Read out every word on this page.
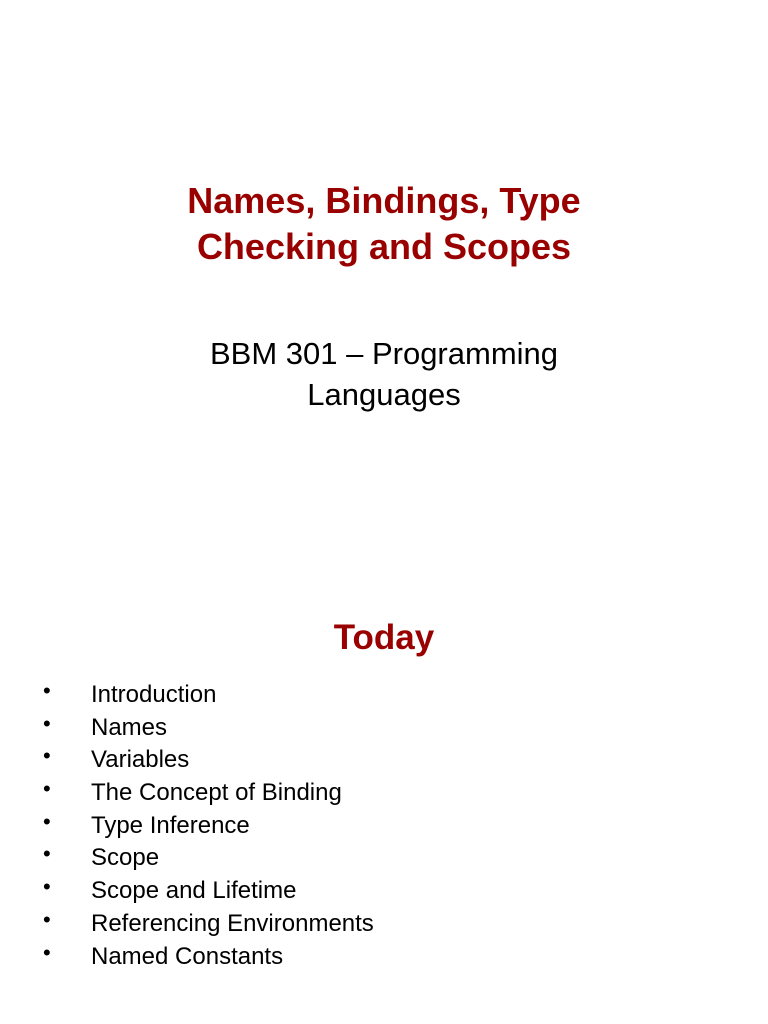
Names, Bindings, Type
Checking and Scopes
BBM 301 – Programming
Languages
Today
• Introduction
• Names
• Variables
• The Concept of Binding
• Type Inference
• Scope
• Scope and Lifetime
• Referencing Environments
• Named Constants
